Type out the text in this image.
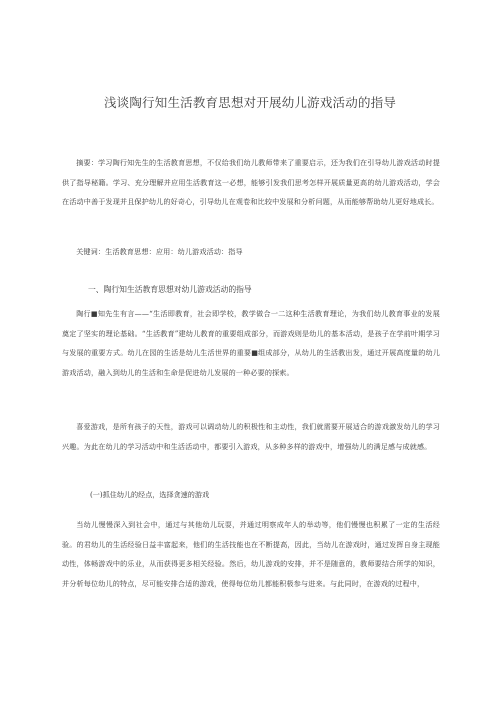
浅谈陶行知生活教育思想对开展幼儿游戏活动的指导
摘要：学习陶行知先生的生活教育思想，不仅给我们幼儿教师带来了重要启示，还为我们在引导幼儿游戏活动时提供了指导秘籍。学习、充分理解并应用生活教育这一必想，能够引发我们思考怎样开展质量更高的幼儿游戏活动，学会在活动中善于发现并且保护幼儿的好奇心，引导幼儿在观卷和比较中发展和分析问题，从而能够帮助幼儿更好地成长。
关键词：生活教育思想：应用：幼儿游戏活动：指导
一、陶行知生活教育思想对幼儿游戏活动的指导
陶行■知先生有言——“生活即教育，社会即学校，教学做合一二这种生活教育理论，为我们幼儿教育事业的发展奠定了坚实的理论基础。“生活教育”建幼儿教育的重要组成部分，而游戏则是幼儿的基本活动，是孩子在学前叶期学习与发展的重要方式。幼儿在园的生活是幼儿生活世界的重要■组成部分，从幼儿的生活教出发，通过开展高度量的幼儿游戏活动，融入到幼儿的生活和生命是促进幼儿发展的一种必要的探索。
喜爱游戏，是所有孩子的天性，游戏可以调动幼儿的积极性和主动性，我们就需要开展适合的游戏激发幼儿的学习兴趣。为此在幼儿的学习活动中和生活活动中，都要引入游戏，从多种多样的游戏中，增强幼儿的满足感与成就感。
(一)抓住幼儿的经点，选择贪速的游戏
当幼儿慢慢深入到社会中，通过与其他幼儿玩耍，并通过明察成年人的举动等，他们慢慢也积累了一定的生活经验。的君幼儿的生活经验日益丰富起来，他们的生活技能也在不断提高，因此，当幼儿在游戏时，通过发挥自身主现能动性，体畅游戏中的乐业，从而获得更多相关经验。然后，幼儿游戏的安排，并不是随意的，教师要结合所学的知识，并分析每位幼儿的特点，尽可能安排合适的游戏，使得每位幼儿都能积极参与进来。与此同时，在游戏的过程中，
